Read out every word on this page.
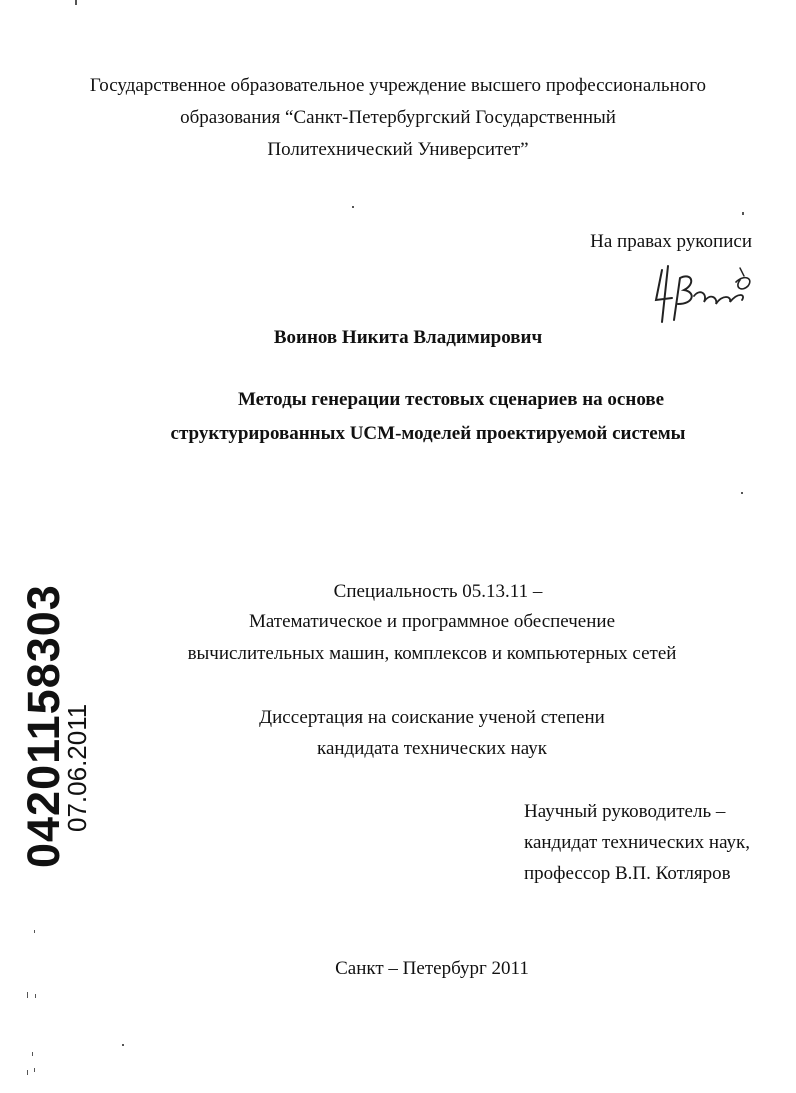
Государственное образовательное учреждение высшего профессионального
образования “Санкт-Петербургский Государственный
Политехнический Университет”
На правах рукописи
Воинов Никита Владимирович
Методы генерации тестовых сценариев на основе
структурированных UCM-моделей проектируемой системы
Специальность 05.13.11 –
Математическое и программное обеспечение
вычислительных машин, комплексов и компьютерных сетей
Диссертация на соискание ученой степени
кандидата технических наук
Научный руководитель –
кандидат технических наук,
профессор В.П. Котляров
Санкт – Петербург 2011
04201158303
07.06.2011
